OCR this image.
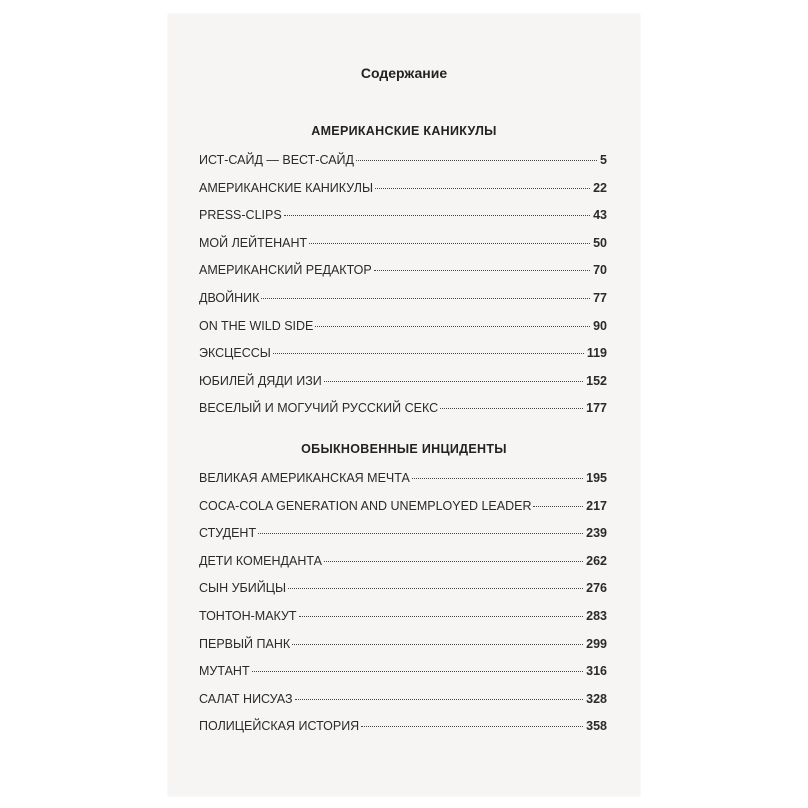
Содержание
АМЕРИКАНСКИЕ КАНИКУЛЫ
ИСТ-САЙД — ВЕСТ-САЙД	5
АМЕРИКАНСКИЕ КАНИКУЛЫ	22
PRESS-CLIPS	43
МОЙ ЛЕЙТЕНАНТ	50
АМЕРИКАНСКИЙ РЕДАКТОР	70
ДВОЙНИК	77
ON THE WILD SIDE	90
ЭКСЦЕССЫ	119
ЮБИЛЕЙ ДЯДИ ИЗИ	152
ВЕСЕЛЫЙ И МОГУЧИЙ РУССКИЙ СЕКС	177
ОБЫКНОВЕННЫЕ ИНЦИДЕНТЫ
ВЕЛИКАЯ АМЕРИКАНСКАЯ МЕЧТА	195
COCA-COLA GENERATION AND UNEMPLOYED LEADER	217
СТУДЕНТ	239
ДЕТИ КОМЕНДАНТА	262
СЫН УБИЙЦЫ	276
ТОНТОН-МАКУТ	283
ПЕРВЫЙ ПАНК	299
МУТАНТ	316
САЛАТ НИСУАЗ	328
ПОЛИЦЕЙСКАЯ ИСТОРИЯ	358
